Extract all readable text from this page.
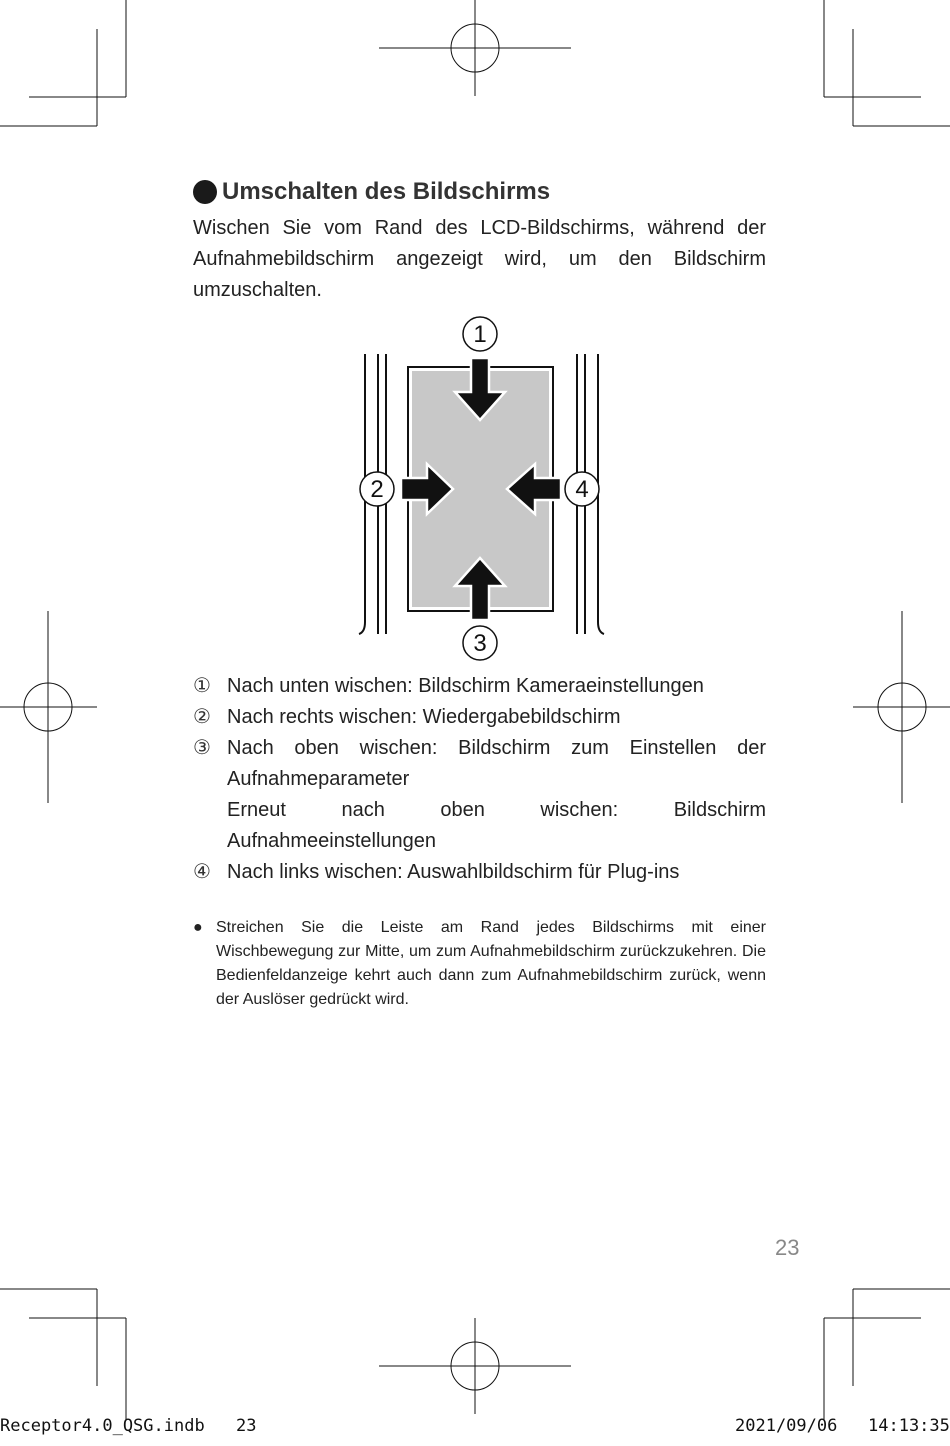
Umschalten des Bildschirms
Wischen Sie vom Rand des LCD-Bildschirms, während der Aufnahmebildschirm angezeigt wird, um den Bildschirm umzuschalten.
1
2
3
4
① Nach unten wischen: Bildschirm Kameraeinstellungen
② Nach rechts wischen: Wiedergabebildschirm
③ Nach oben wischen: Bildschirm zum Einstellen der Aufnahmeparameter
Erneut nach oben wischen: Bildschirm Aufnahmeeinstellungen
④ Nach links wischen: Auswahlbildschirm für Plug-ins
● Streichen Sie die Leiste am Rand jedes Bildschirms mit einer Wischbewegung zur Mitte, um zum Aufnahmebildschirm zurückzukehren. Die Bedienfeldanzeige kehrt auch dann zum Aufnahmebildschirm zurück, wenn der Auslöser gedrückt wird.
23
Receptor4.0_QSG.indb 23	2021/09/06 14:13:35
